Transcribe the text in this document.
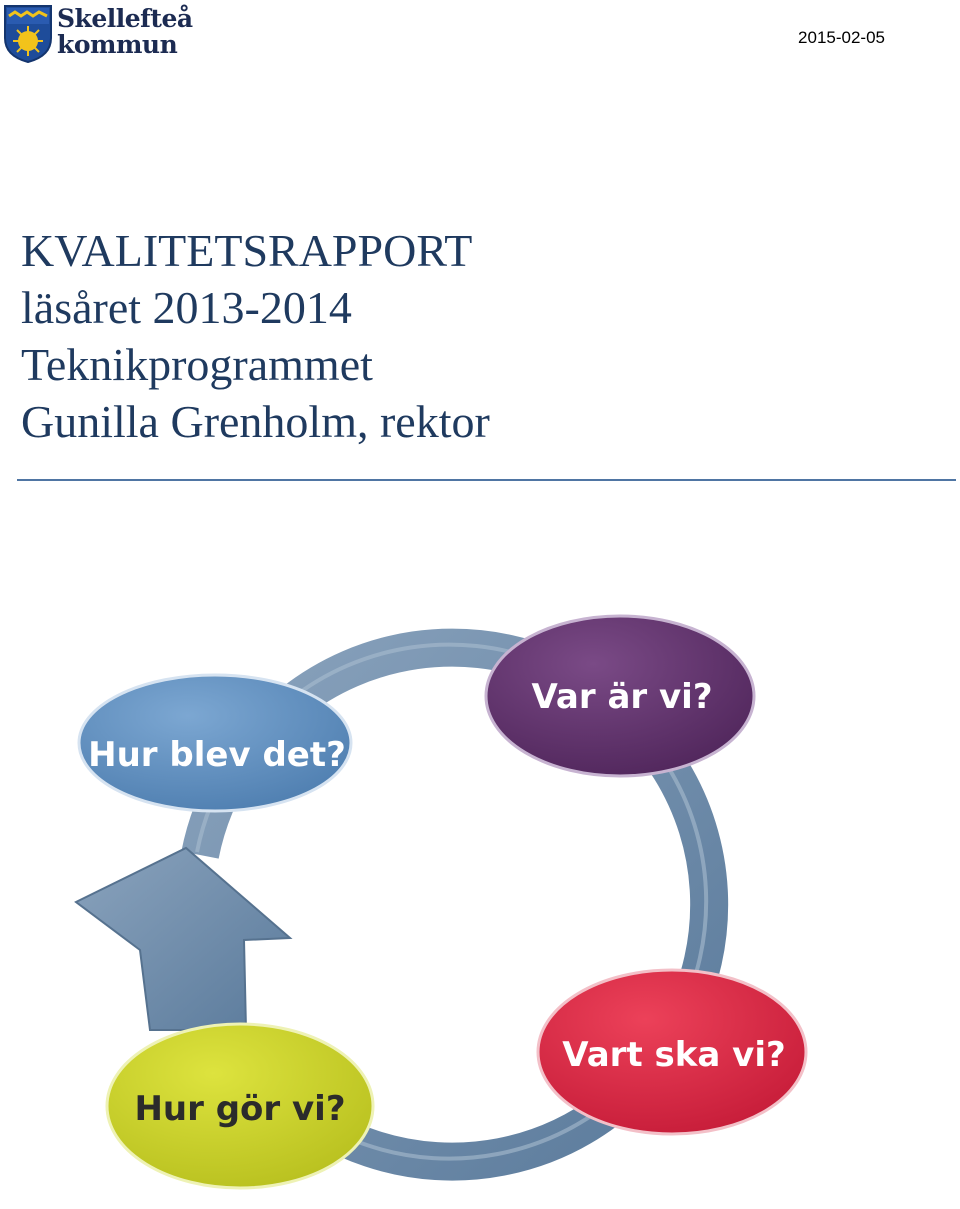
Skellefteå
kommun	2015-02-05
KVALITETSRAPPORT
läsåret 2013-2014
Teknikprogrammet
Gunilla Grenholm, rektor
Hur blev det?
Var är vi?
Vart ska vi?
Hur gör vi?
